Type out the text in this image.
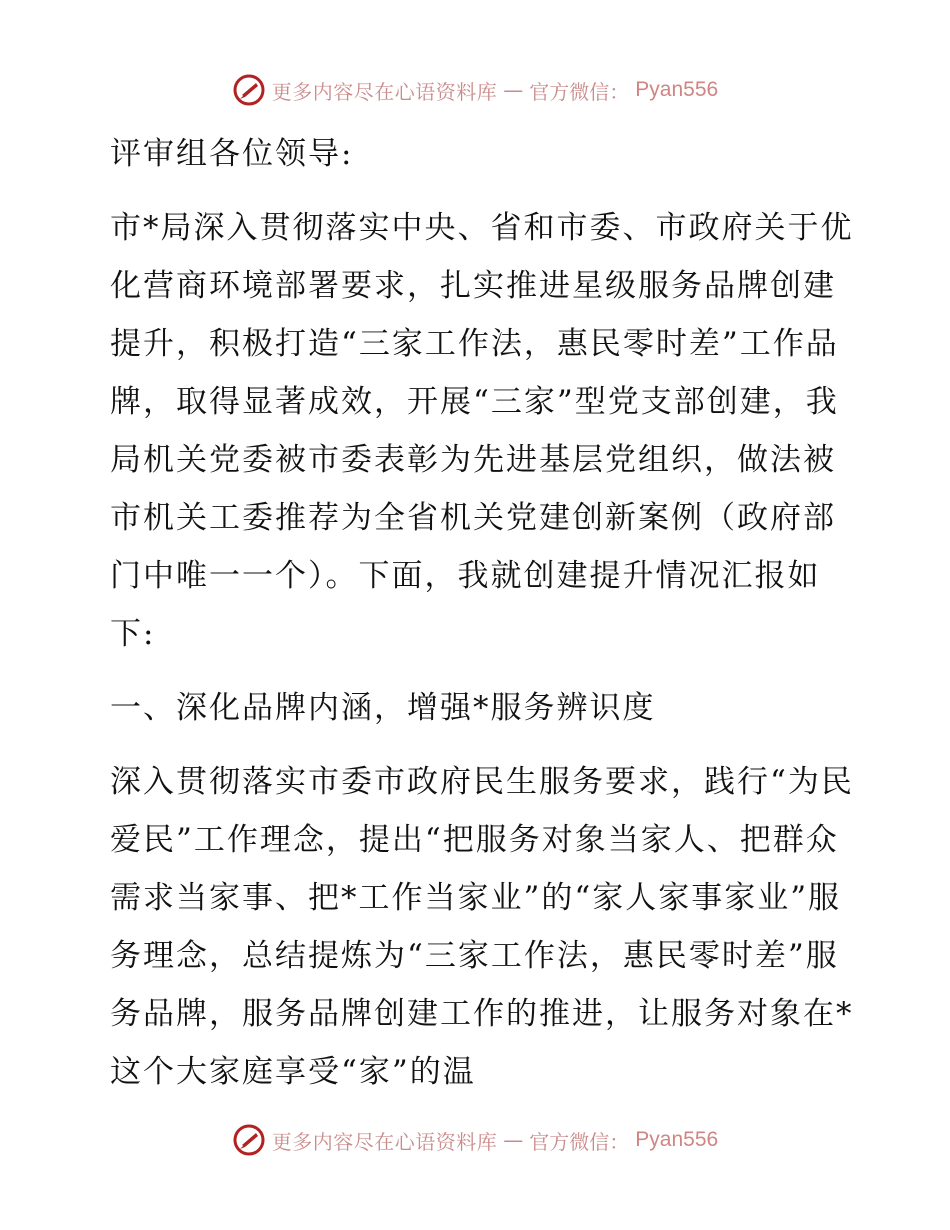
更多内容尽在心语资料库 — 官方微信： Pyan556

评审组各位领导:

市*局深入贯彻落实中央、省和市委、市政府关于优化营商环境部署要求，扎实推进星级服务品牌创建提升，积极打造“三家工作法，惠民零时差”工作品牌，取得显著成效，开展“三家”型党支部创建，我局机关党委被市委表彰为先进基层党组织，做法被市机关工委推荐为全省机关党建创新案例（政府部门中唯一一个）。下面，我就创建提升情况汇报如下:

一、深化品牌内涵，增强*服务辨识度

深入贯彻落实市委市政府民生服务要求，践行“为民爱民”工作理念，提出“把服务对象当家人、把群众需求当家事、把*工作当家业”的“家人家事家业”服务理念，总结提炼为“三家工作法，惠民零时差”服务品牌，服务品牌创建工作的推进，让服务对象在*这个大家庭享受“家”的温

更多内容尽在心语资料库 — 官方微信： Pyan556
